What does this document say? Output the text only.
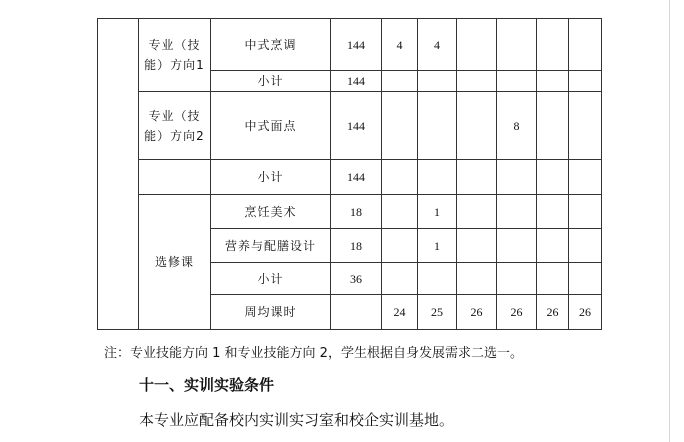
	专业（技能）方向1	中式烹调	144	4	4				
		小计	144						
	专业（技能）方向2	中式面点	144				8		
		小计	144						
	选修课	烹饪美术	18		1				
		营养与配膳设计	18		1				
		小计	36						
		周均课时		24	25	26	26	26	26
注：专业技能方向 1 和专业技能方向 2，学生根据自身发展需求二选一。
十一、实训实验条件
本专业应配备校内实训实习室和校企实训基地。
